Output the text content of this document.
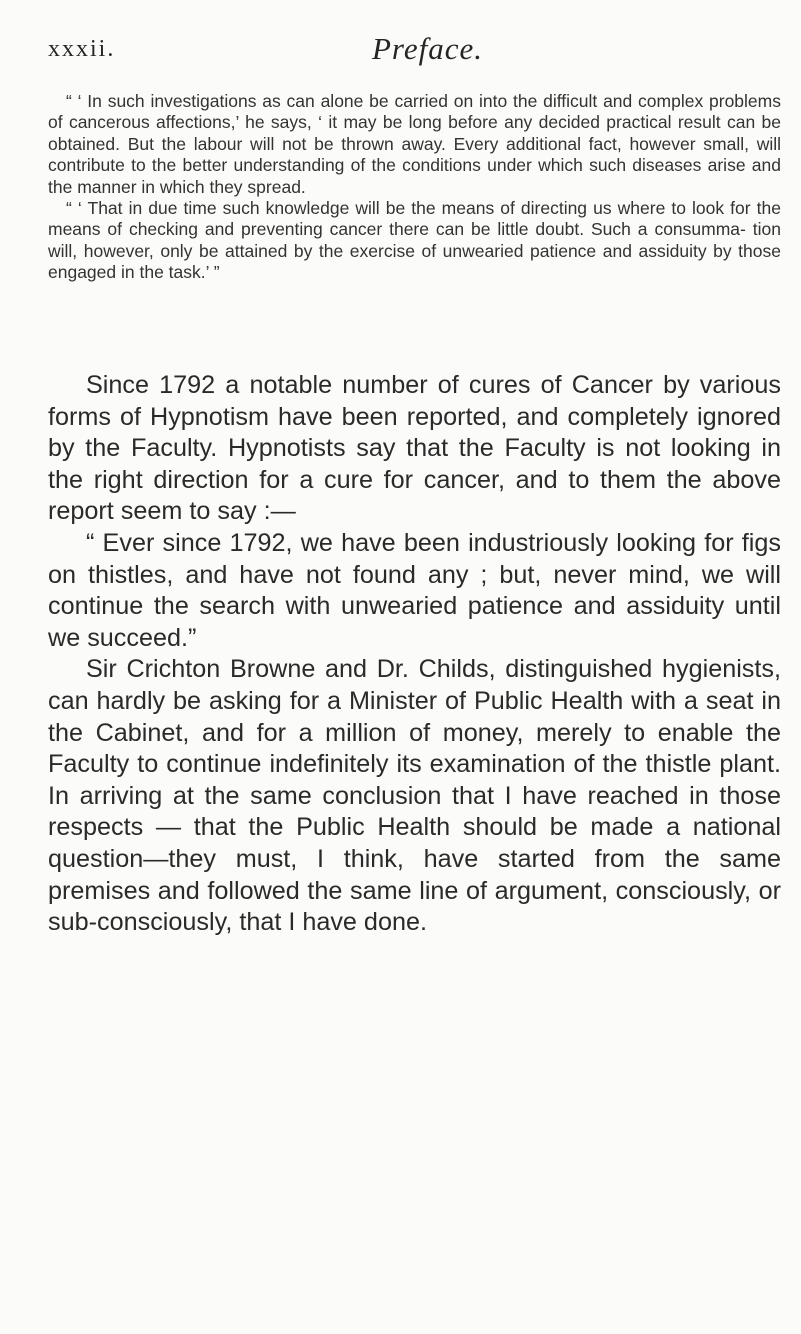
xxxii.	Preface.

“ ‘ In such investigations as can alone be carried on into the difficult and complex problems of cancerous affections,’ he says, ‘ it may be long before any decided practical result can be obtained. But the labour will not be thrown away. Every additional fact, however small, will contribute to the better understanding of the conditions under which such diseases arise and the manner in which they spread.

“ ‘ That in due time such knowledge will be the means of directing us where to look for the means of checking and preventing cancer there can be little doubt. Such a consumma- tion will, however, only be attained by the exercise of unwearied patience and assiduity by those engaged in the task.’ ”

Since 1792 a notable number of cures of Cancer by various forms of Hypnotism have been reported, and completely ignored by the Faculty. Hypnotists say that the Faculty is not looking in the right direction for a cure for cancer, and to them the above report seem to say :—

“ Ever since 1792, we have been industriously looking for figs on thistles, and have not found any ; but, never mind, we will continue the search with unwearied patience and assiduity until we succeed.”

Sir Crichton Browne and Dr. Childs, distinguished hygienists, can hardly be asking for a Minister of Public Health with a seat in the Cabinet, and for a million of money, merely to enable the Faculty to continue indefinitely its examination of the thistle plant. In arriving at the same conclusion that I have reached in those respects — that the Public Health should be made a national question—they must, I think, have started from the same premises and followed the same line of argument, consciously, or sub-consciously, that I have done.
